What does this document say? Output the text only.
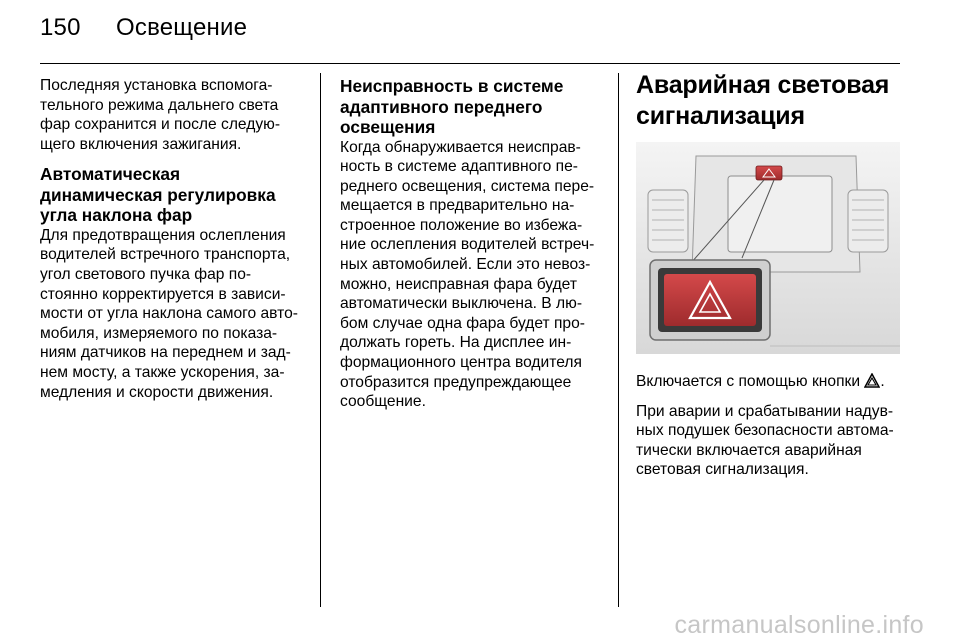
150 Освещение

Последняя установка вспомога-
тельного режима дальнего света
фар сохранится и после следую-
щего включения зажигания.

Автоматическая
динамическая регулировка
угла наклона фар

Для предотвращения ослепления
водителей встречного транспорта,
угол светового пучка фар по-
стоянно корректируется в зависи-
мости от угла наклона самого авто-
мобиля, измеряемого по показа-
ниям датчиков на переднем и зад-
нем мосту, а также ускорения, за-
медления и скорости движения.

Неисправность в системе
адаптивного переднего
освещения

Когда обнаруживается неисправ-
ность в системе адаптивного пе-
реднего освещения, система пере-
мещается в предварительно на-
строенное положение во избежа-
ние ослепления водителей встреч-
ных автомобилей. Если это невоз-
можно, неисправная фара будет
автоматически выключена. В лю-
бом случае одна фара будет про-
должать гореть. На дисплее ин-
формационного центра водителя
отобразится предупреждающее
сообщение.

Аварийная световая
сигнализация

Включается с помощью кнопки .

При аварии и срабатывании надув-
ных подушек безопасности автома-
тически включается аварийная
световая сигнализация.

carmanualsonline.info
